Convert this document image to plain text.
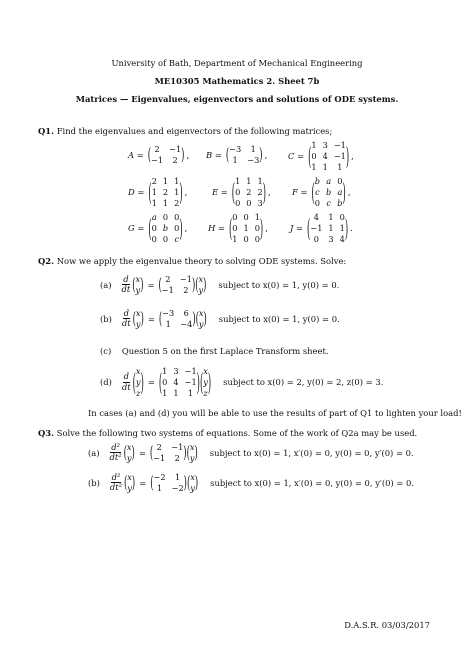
University of Bath, Department of Mechanical Engineering
ME10305 Mathematics 2. Sheet 7b
Matrices — Eigenvalues, eigenvectors and solutions of ODE systems.
Q1. Find the eigenvalues and eigenvectors of the following matrices;
A = ( 2	−1
−1	2 ) , B = ( −3	1
1	−3 ) , C = ( 1 3 −1
0 4 −1
1 1	1 ) ,
D = ( 2 1 1
1 2 1
1 1 2 ) ,	E = ( 1 1 1
0 2 2
0 0 3 ) ,	F = ( b a 0
c b a
0 c b ) ,
G = ( a 0 0
0 b 0
0 0 c ) , H = ( 0 0 1
0 1 0
1 0 0 ) ,	J = ( 4	1 0
−1 1 1
0	3 4 ) .
Q2. Now we apply the eigenvalue theory to solving ODE systems. Solve:
$(a) \frac{d}{dt}$ ( x
y ) = ( 2	−1
−1	2 ) ( x
y ) subject to x(0) = 1, y(0) = 0.
$(b) \frac{d}{dt}$ ( x
y ) = ( −3	6
1	−4 ) ( x
y ) subject to x(0) = 1, y(0) = 0.
(c) Question 5 on the first Laplace Transform sheet.
$(d) \frac{d}{dt}$ ( x
y
z ) = ( 1 3 −1
0 4 −1
1 1	1 ) ( x
y
z ) subject to x(0) = 2, y(0) = 2, z(0) = 3.
In cases (a) and (d) you will be able to use the results of part of Q1 to lighten your load!
Q3. Solve the following two systems of equations. Some of the work of Q2a may be used.
$(a) \frac{\text{d²}}{\text{dt²}}$ ( x
y ) = ( 2	−1
−1	2 ) ( x
y ) subject to x(0) = 1, x′(0) = 0, y(0) = 0, y′(0) = 0.
$(b) \frac{\text{d²}}{\text{dt²}}$ ( x
y ) = ( −2	1
1	−2 ) ( x
y ) subject to x(0) = 1, x′(0) = 0, y(0) = 0, y′(0) = 0.
D.A.S.R. 03/03/2017
